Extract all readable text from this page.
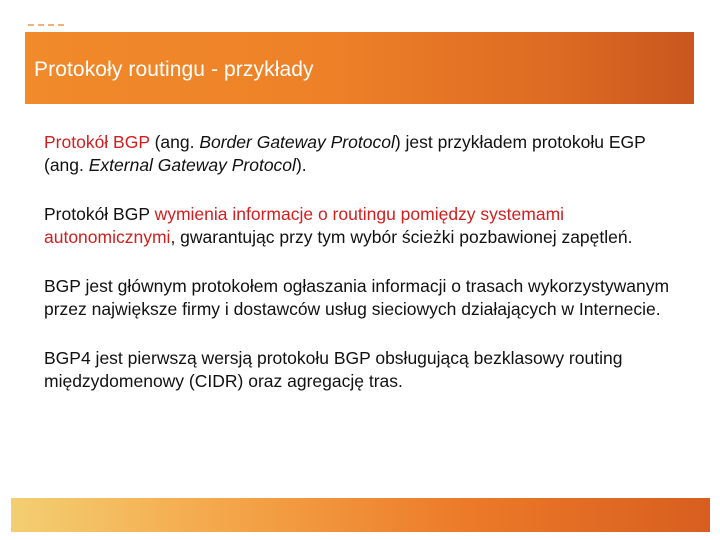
Protokoły routingu - przykłady

Protokół BGP (ang. Border Gateway Protocol) jest przykładem protokołu EGP (ang. External Gateway Protocol).

Protokół BGP wymienia informacje o routingu pomiędzy systemami autonomicznymi, gwarantując przy tym wybór ścieżki pozbawionej zapętleń.

BGP jest głównym protokołem ogłaszania informacji o trasach wykorzystywanym przez największe firmy i dostawców usług sieciowych działających w Internecie.

BGP4 jest pierwszą wersją protokołu BGP obsługującą bezklasowy routing międzydomenowy (CIDR) oraz agregację tras.
